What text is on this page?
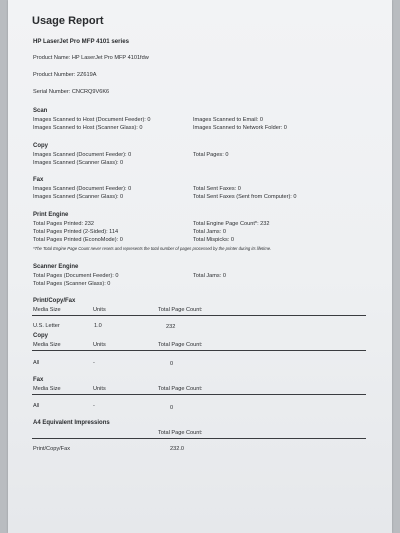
Usage Report
HP LaserJet Pro MFP 4101 series
Product Name: HP LaserJet Pro MFP 4101fdw
Product Number: 2Z619A
Serial Number: CNCRQ9V6K6
Scan
Images Scanned to Host (Document Feeder): 0
Images Scanned to Host (Scanner Glass): 0
Images Scanned to Email: 0
Images Scanned to Network Folder: 0
Copy
Images Scanned (Document Feeder): 0
Images Scanned (Scanner Glass): 0
Total Pages: 0
Fax
Images Scanned (Document Feeder): 0
Images Scanned (Scanner Glass): 0
Total Sent Faxes: 0
Total Sent Faxes (Sent from Computer): 0
Print Engine
Total Pages Printed: 232
Total Pages Printed (2-Sided): 114
Total Pages Printed (EconoMode): 0
Total Engine Page Count*: 232
Total Jams: 0
Total Mispicks: 0
*The Total Engine Page Count never resets and represents the total number of pages processed by the printer during its lifetime.
Scanner Engine
Total Pages (Document Feeder): 0
Total Pages (Scanner Glass): 0
Total Jams: 0
Print/Copy/Fax
Media Size	Units	Total Page Count:
U.S. Letter	1.0	232
Copy
Media Size	Units	Total Page Count:
All	-	0
Fax
Media Size	Units	Total Page Count:
All	-	0
A4 Equivalent Impressions
Total Page Count:
Print/Copy/Fax	232.0
